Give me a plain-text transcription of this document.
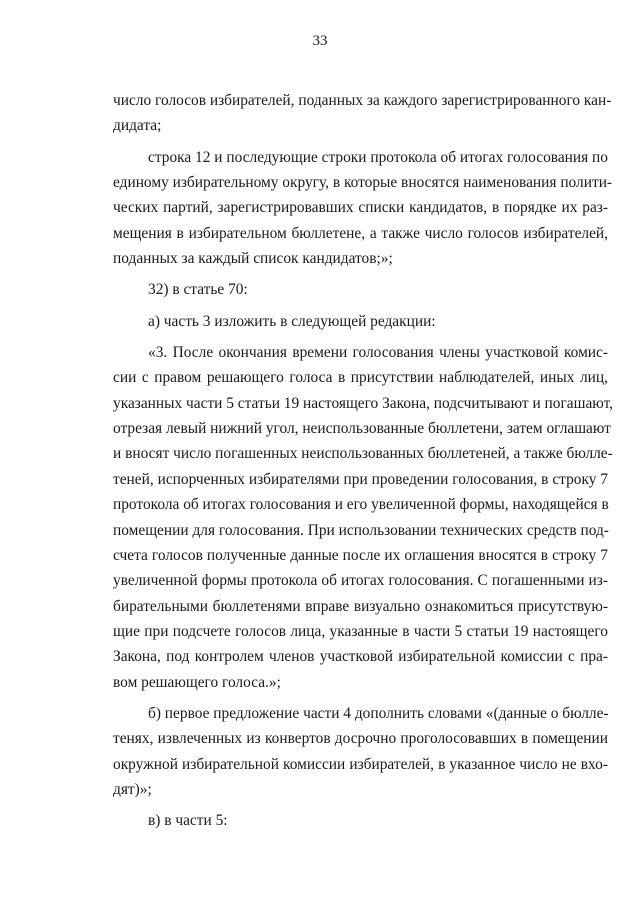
33

число голосов избирателей, поданных за каждого зарегистрированного кан-
дидата;

строка 12 и последующие строки протокола об итогах голосования по
единому избирательному округу, в которые вносятся наименования полити-
ческих партий, зарегистрировавших списки кандидатов, в порядке их раз-
мещения в избирательном бюллетене, а также число голосов избирателей,
поданных за каждый список кандидатов;»;

32) в статье 70:

а) часть 3 изложить в следующей редакции:

«3. После окончания времени голосования члены участковой комис-
сии с правом решающего голоса в присутствии наблюдателей, иных лиц,
указанных части 5 статьи 19 настоящего Закона, подсчитывают и погашают,
отрезая левый нижний угол, неиспользованные бюллетени, затем оглашают
и вносят число погашенных неиспользованных бюллетеней, а также бюлле-
теней, испорченных избирателями при проведении голосования, в строку 7
протокола об итогах голосования и его увеличенной формы, находящейся в
помещении для голосования. При использовании технических средств под-
счета голосов полученные данные после их оглашения вносятся в строку 7
увеличенной формы протокола об итогах голосования. С погашенными из-
бирательными бюллетенями вправе визуально ознакомиться присутствую-
щие при подсчете голосов лица, указанные в части 5 статьи 19 настоящего
Закона, под контролем членов участковой избирательной комиссии с пра-
вом решающего голоса.»;

б) первое предложение части 4 дополнить словами «(данные о бюлле-
тенях, извлеченных из конвертов досрочно проголосовавших в помещении
окружной избирательной комиссии избирателей, в указанное число не вхо-
дят)»;

в) в части 5:
